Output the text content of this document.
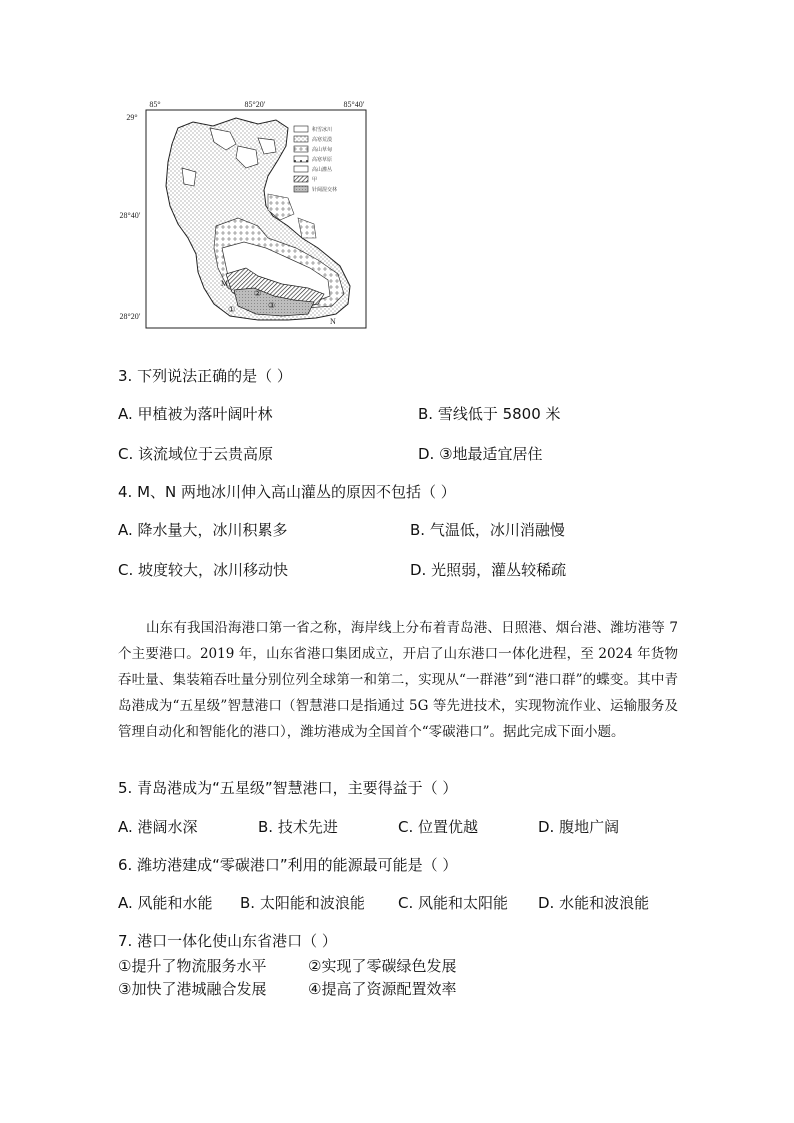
85°	85°20′	85°40′
29°
28°40′
28°20′
M
N
①
②
③
积雪冰川
高寒荒漠
高山草甸
高寒草原
高山灌丛
甲
针阔混交林
3. 下列说法正确的是（ ）
A. 甲植被为落叶阔叶林	B. 雪线低于 5800 米
C. 该流域位于云贵高原	D. ③地最适宜居住
4. M、N 两地冰川伸入高山灌丛的原因不包括（ ）
A. 降水量大，冰川积累多	B. 气温低，冰川消融慢
C. 坡度较大，冰川移动快	D. 光照弱，灌丛较稀疏
山东有我国沿海港口第一省之称，海岸线上分布着青岛港、日照港、烟台港、潍坊港等 7 个主要港口。2019 年，山东省港口集团成立，开启了山东港口一体化进程，至 2024 年货物吞吐量、集装箱吞吐量分别位列全球第一和第二，实现从“一群港”到“港口群”的蝶变。其中青岛港成为“五星级”智慧港口（智慧港口是指通过 5G 等先进技术，实现物流作业、运输服务及管理自动化和智能化的港口），潍坊港成为全国首个“零碳港口”。据此完成下面小题。
5. 青岛港成为“五星级”智慧港口，主要得益于（ ）
A. 港阔水深	B. 技术先进	C. 位置优越	D. 腹地广阔
6. 潍坊港建成“零碳港口”利用的能源最可能是（ ）
A. 风能和水能 B. 太阳能和波浪能 C. 风能和太阳能 D. 水能和波浪能
7. 港口一体化使山东省港口（ ）
①提升了物流服务水平	②实现了零碳绿色发展
③加快了港城融合发展	④提高了资源配置效率
